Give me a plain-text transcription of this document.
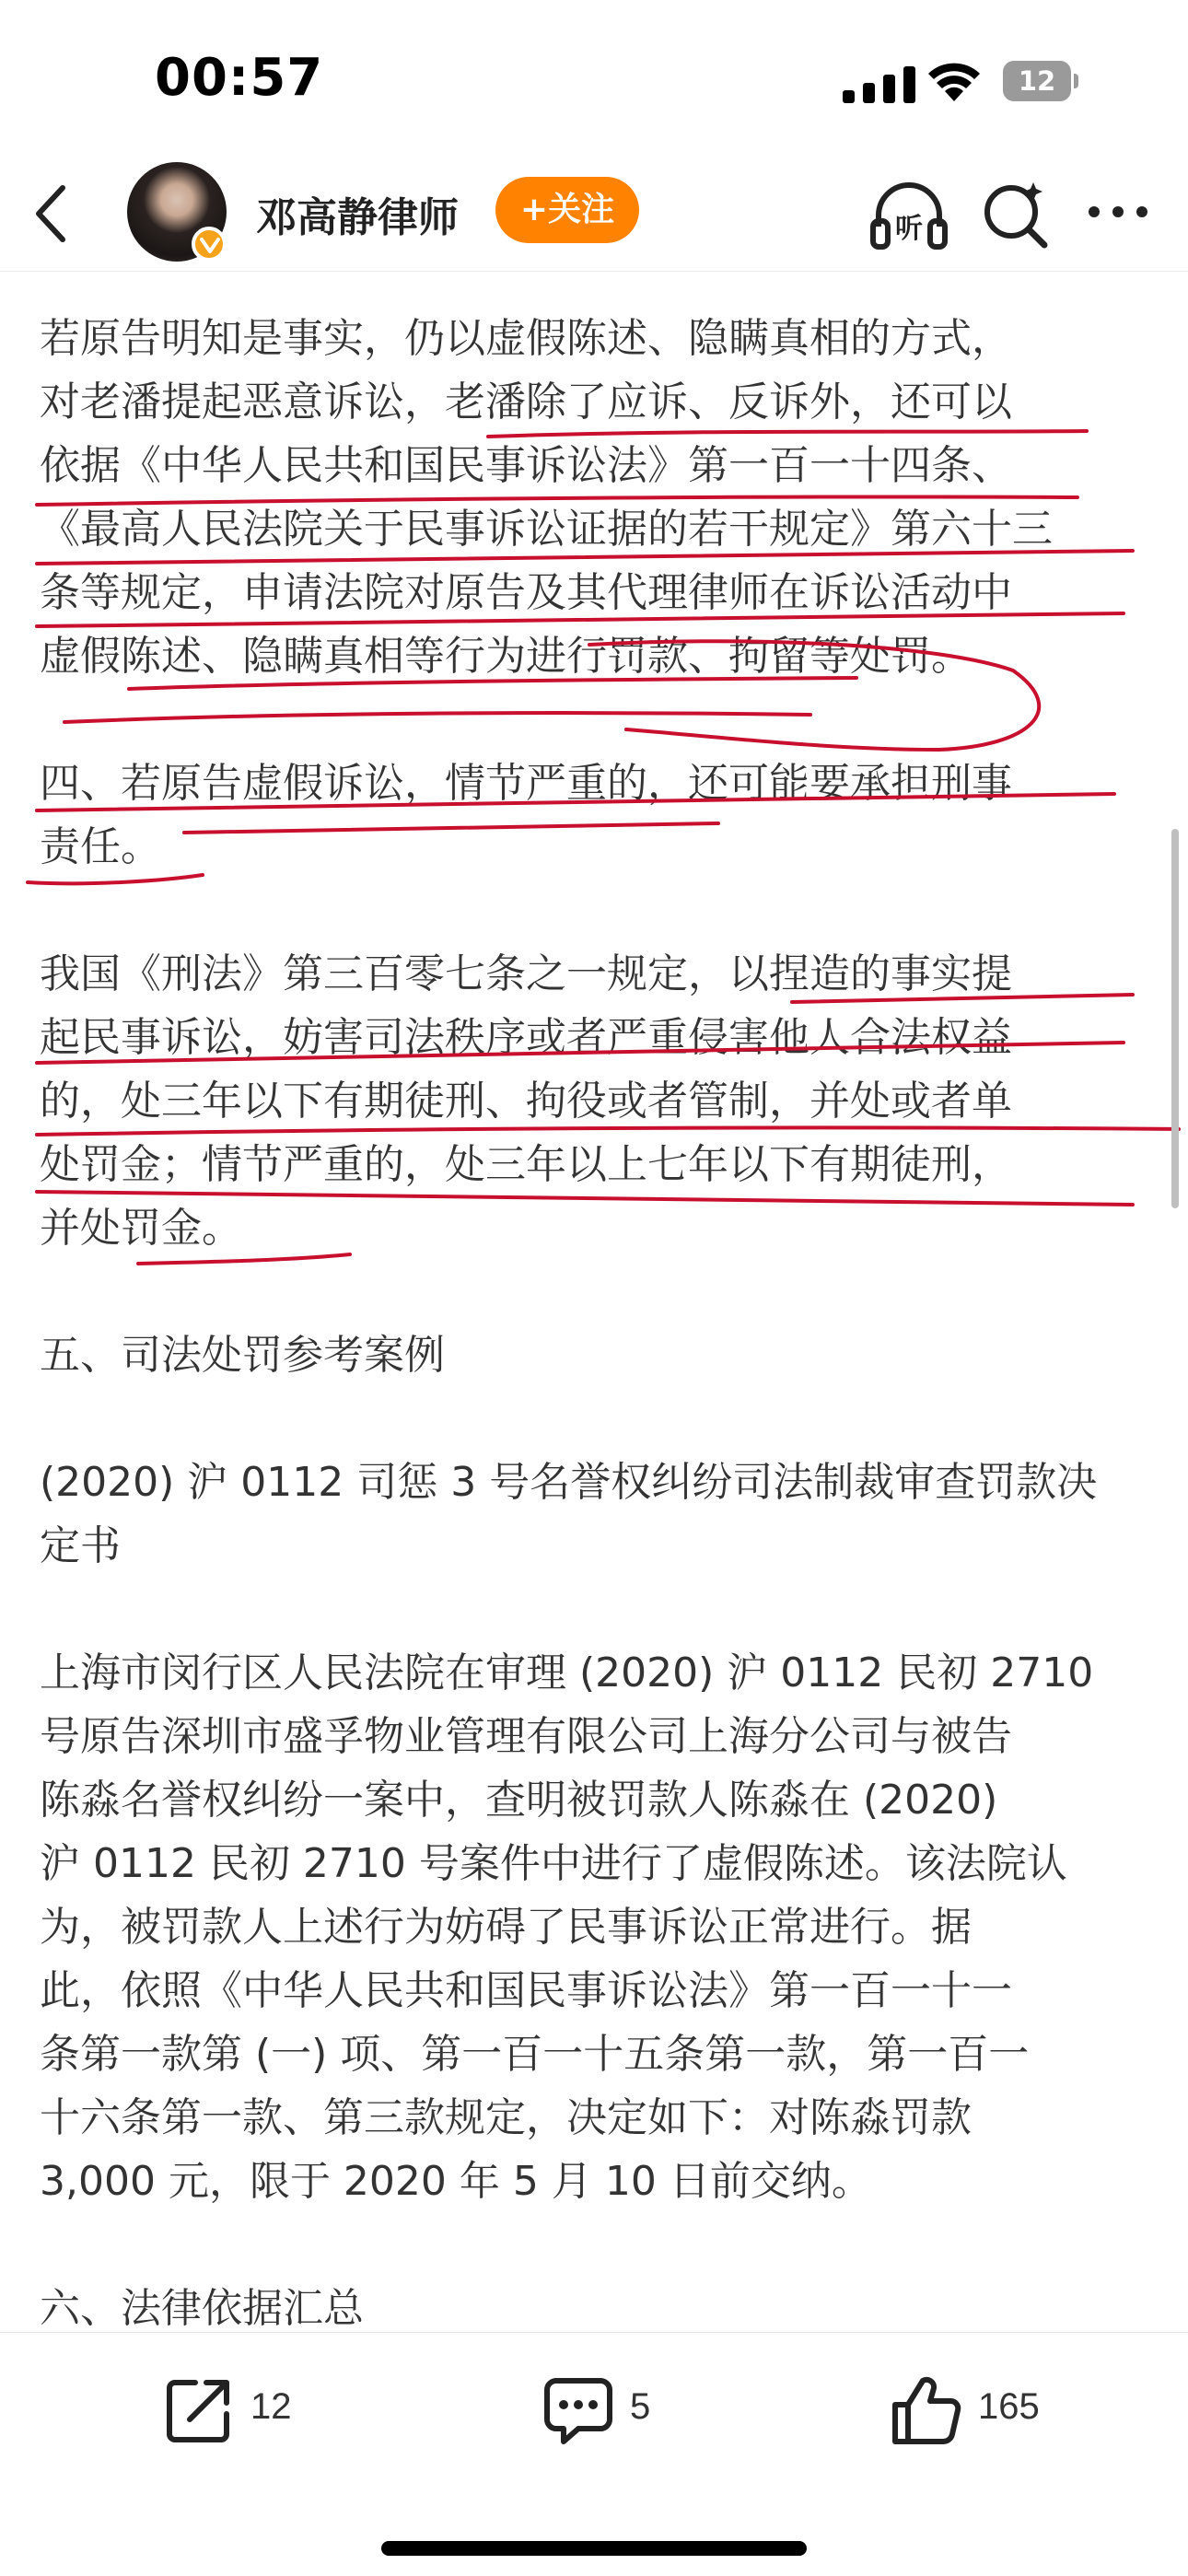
00:57	12
邓高静律师	+关注
听

若原告明知是事实，仍以虚假陈述、隐瞒真相的方式，
对老潘提起恶意诉讼，老潘除了应诉、反诉外，还可以
依据《中华人民共和国民事诉讼法》第一百一十四条、
《最高人民法院关于民事诉讼证据的若干规定》第六十三
条等规定，申请法院对原告及其代理律师在诉讼活动中
虚假陈述、隐瞒真相等行为进行罚款、拘留等处罚。

四、若原告虚假诉讼，情节严重的，还可能要承担刑事
责任。

我国《刑法》第三百零七条之一规定，以捏造的事实提
起民事诉讼，妨害司法秩序或者严重侵害他人合法权益
的，处三年以下有期徒刑、拘役或者管制，并处或者单
处罚金；情节严重的，处三年以上七年以下有期徒刑，
并处罚金。

五、司法处罚参考案例

(2020) 沪 0112 司惩 3 号名誉权纠纷司法制裁审查罚款决
定书

上海市闵行区人民法院在审理 (2020) 沪 0112 民初 2710
号原告深圳市盛孚物业管理有限公司上海分公司与被告
陈淼名誉权纠纷一案中，查明被罚款人陈淼在 (2020)
沪 0112 民初 2710 号案件中进行了虚假陈述。该法院认
为，被罚款人上述行为妨碍了民事诉讼正常进行。据
此，依照《中华人民共和国民事诉讼法》第一百一十一
条第一款第 (一) 项、第一百一十五条第一款，第一百一
十六条第一款、第三款规定，决定如下：对陈淼罚款
3,000 元，限于 2020 年 5 月 10 日前交纳。

六、法律依据汇总

12	5	165
